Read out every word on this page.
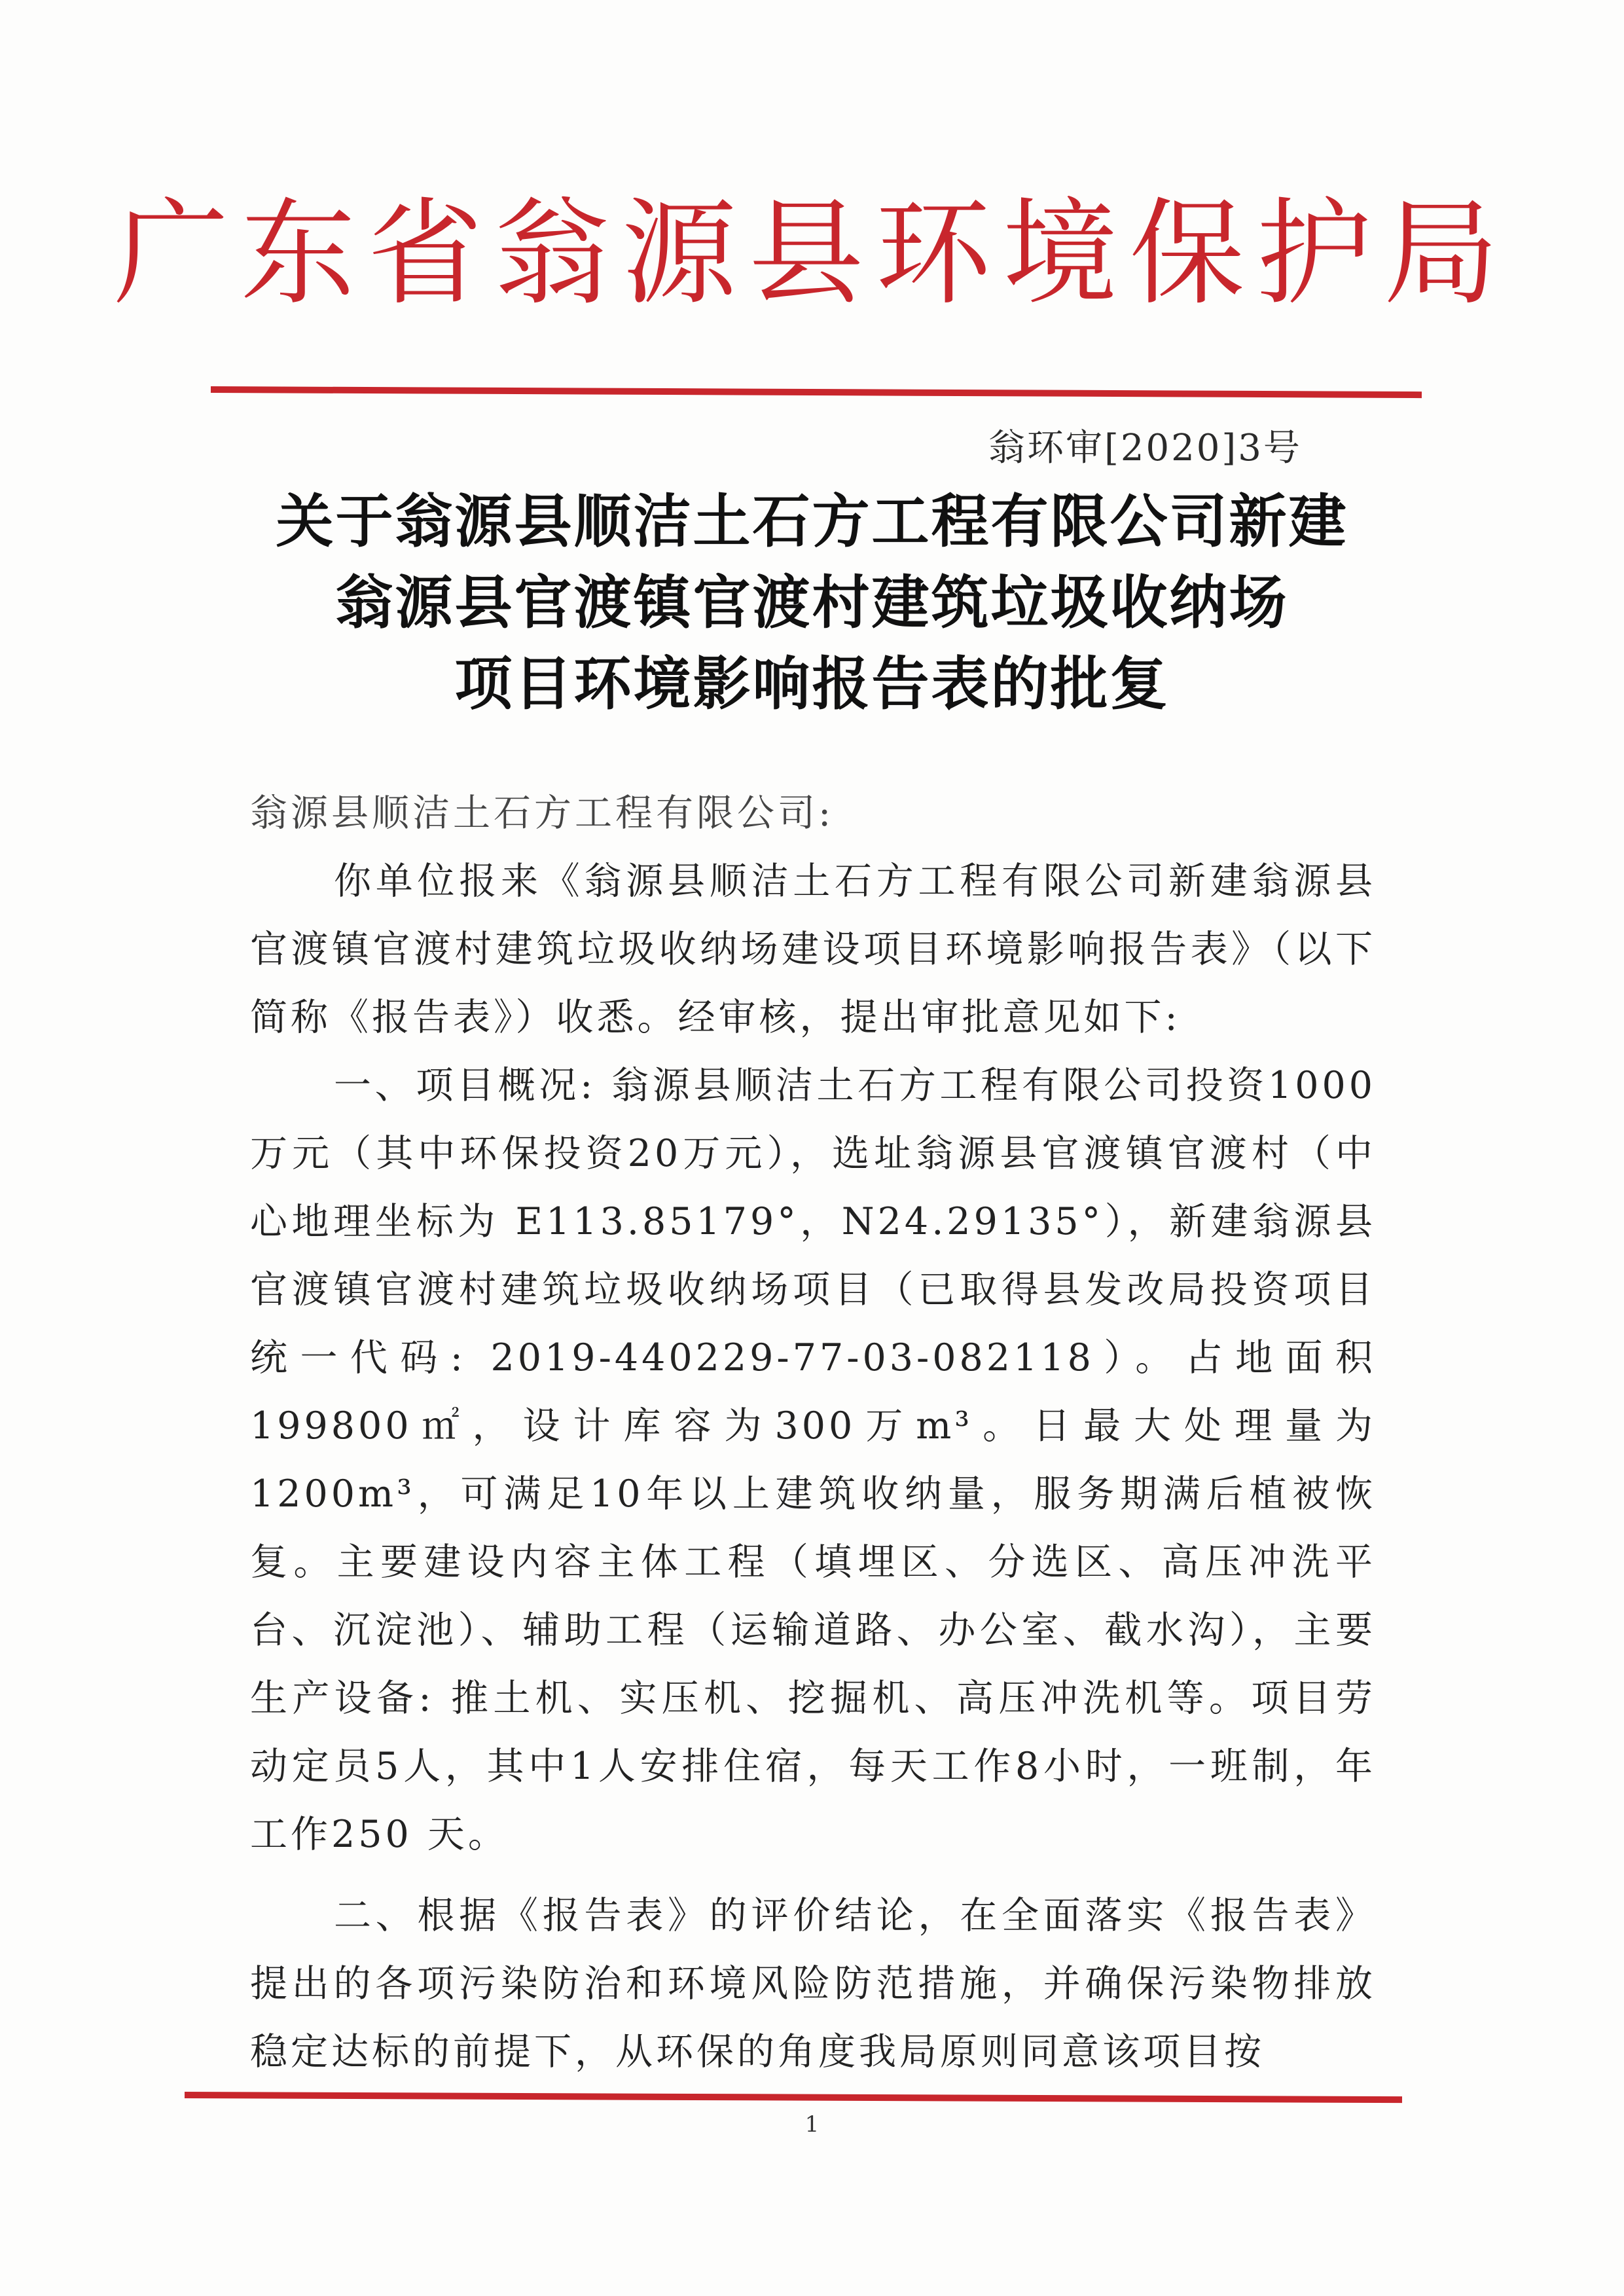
广东省翁源县环境保护局
翁环审[2020]3号
关于翁源县顺洁土石方工程有限公司新建
翁源县官渡镇官渡村建筑垃圾收纳场
项目环境影响报告表的批复

翁源县顺洁土石方工程有限公司:

你单位报来《翁源县顺洁土石方工程有限公司新建翁源县官渡镇官渡村建筑垃圾收纳场建设项目环境影响报告表》（以下简称《报告表》）收悉。经审核，提出审批意见如下:

一、项目概况: 翁源县顺洁土石方工程有限公司投资1000万元（其中环保投资20万元），选址翁源县官渡镇官渡村（中心地理坐标为 E113.85179°，N24.29135°），新建翁源县官渡镇官渡村建筑垃圾收纳场项目（已取得县发改局投资项目统一代码: 2019-440229-77-03-082118）。占地面积199800㎡，设计库容为300万m³。日最大处理量为1200m³，可满足10年以上建筑收纳量，服务期满后植被恢复。主要建设内容主体工程（填埋区、分选区、高压冲洗平台、沉淀池）、辅助工程（运输道路、办公室、截水沟），主要生产设备: 推土机、实压机、挖掘机、高压冲洗机等。项目劳动定员5人，其中1人安排住宿，每天工作8小时，一班制，年工作250 天。

二、根据《报告表》的评价结论，在全面落实《报告表》提出的各项污染防治和环境风险防范措施，并确保污染物排放稳定达标的前提下，从环保的角度我局原则同意该项目按

1
